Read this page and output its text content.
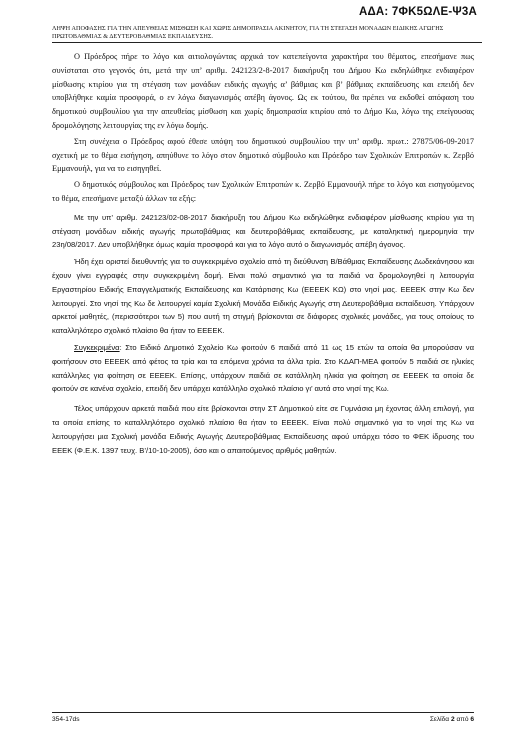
ΑΔΑ: 7ΦΚ5ΩΛΕ-Ψ3Α
ΛΗΨΗ ΑΠΟΦΑΣΗΣ ΓΙΑ ΤΗΝ ΑΠΕΥΘΕΙΑΣ ΜΙΣΘΩΣΗ ΚΑΙ ΧΩΡΙΣ ΔΗΜΟΠΡΑΣΙΑ ΑΚΙΝΗΤΟΥ, ΓΙΑ ΤΗ ΣΤΕΓΑΣΗ ΜΟΝΑΔΩΝ ΕΙΔΙΚΗΣ ΑΓΩΓΗΣ ΠΡΩΤΟΒΑΘΜΙΑΣ & ΔΕΥΤΕΡΟΒΑΘΜΙΑΣ ΕΚΠΑΙΔΕΥΣΗΣ.

Ο Πρόεδρος πήρε το λόγο και αιτιολογώντας αρχικά τον κατεπείγοντα χαρακτήρα του θέματος, επεσήμανε πως συνίσταται στο γεγονός ότι, μετά την υπ’ αριθμ. 242123/2-8-2017 διακήρυξη του Δήμου Κω εκδηλώθηκε ενδιαφέρον μίσθωσης κτιρίου για τη στέγαση των μονάδων ειδικής αγωγής α’ βάθμιας και β’ βάθμιας εκπαίδευσης και επειδή δεν υποβλήθηκε καμία προσφορά, ο εν λόγω διαγωνισμός απέβη άγονος. Ως εκ τούτου, θα πρέπει να εκδοθεί απόφαση του δημοτικού συμβουλίου για την απευθείας μίσθωση και χωρίς δημοπρασία κτιρίου από το Δήμο Κω, λόγω της επείγουσας δρομολόγησης λειτουργίας της εν λόγω δομής.

Στη συνέχεια ο Πρόεδρος αφού έθεσε υπόψη του δημοτικού συμβουλίου την υπ’ αριθμ. πρωτ.: 27875/06-09-2017 σχετική με το θέμα εισήγηση, απηύθυνε το λόγο στον δημοτικό σύμβουλο και Πρόεδρο των Σχολικών Επιτροπών κ. Ζερβό Εμμανουήλ, για να το εισηγηθεί.

Ο δημοτικός σύμβουλος και Πρόεδρος των Σχολικών Επιτροπών κ. Ζερβό Εμμανουήλ πήρε το λόγο και εισηγούμενος το θέμα, επεσήμανε μεταξύ άλλων τα εξής:

Με την υπ’ αριθμ. 242123/02-08-2017 διακήρυξη του Δήμου Κω εκδηλώθηκε ενδιαφέρον μίσθωσης κτιρίου για τη στέγαση μονάδων ειδικής αγωγής πρωτοβάθμιας και δευτεροβάθμιας εκπαίδευσης, με καταληκτική ημερομηνία την 23η/08/2017. Δεν υποβλήθηκε όμως καμία προσφορά και για το λόγο αυτό ο διαγωνισμός απέβη άγονος.

Ήδη έχει οριστεί διευθυντής για το συγκεκριμένο σχολείο από τη διεύθυνση Β/Βάθμιας Εκπαίδευσης Δωδεκάνησου και έχουν γίνει εγγραφές στην συγκεκριμένη δομή. Είναι πολύ σημαντικό για τα παιδιά να δρομολογηθεί η λειτουργία Εργαστηρίου Ειδικής Επαγγελματικής Εκπαίδευσης και Κατάρτισης Κω (ΕΕΕΕΚ ΚΩ) στο νησί μας. ΕΕΕΕΚ στην Κω δεν λειτουργεί. Στο νησί της Κω δε λειτουργεί καμία Σχολική Μονάδα Ειδικής Αγωγής στη Δευτεροβάθμια εκπαίδευση. Υπάρχουν αρκετοί μαθητές, (περισσότεροι των 5) που αυτή τη στιγμή βρίσκονται σε διάφορες σχολικές μονάδες, για τους οποίους το καταλληλότερο σχολικό πλαίσιο θα ήταν το ΕΕΕΕΚ.

Συγκεκριμένα: Στο Ειδικό Δημοτικό Σχολείο Κω φοιτούν 6 παιδιά από 11 ως 15 ετών τα οποία θα μπορούσαν να φοιτήσουν στο ΕΕΕΕΚ από φέτος τα τρία και τα επόμενα χρόνια τα άλλα τρία. Στο ΚΔΑΠ-ΜΕΑ φοιτούν 5 παιδιά σε ηλικίες κατάλληλες για φοίτηση σε ΕΕΕΕΚ. Επίσης, υπάρχουν παιδιά σε κατάλληλη ηλικία για φοίτηση σε ΕΕΕΕΚ τα οποία δε φοιτούν σε κανένα σχολείο, επειδή δεν υπάρχει κατάλληλο σχολικό πλαίσιο γι’ αυτά στο νησί της Κω.

Τέλος υπάρχουν αρκετά παιδιά που είτε βρίσκονται στην ΣΤ Δημοτικού είτε σε Γυμνάσια μη έχοντας άλλη επιλογή, για τα οποία επίσης το καταλληλότερο σχολικό πλαίσιο θα ήταν το ΕΕΕΕΚ. Είναι πολύ σημαντικό για το νησί της Κω να λειτουργήσει μια Σχολική μονάδα Ειδικής Αγωγής Δευτεροβάθμιας Εκπαίδευσης αφού υπάρχει τόσο το ΦΕΚ ίδρυσης του ΕΕΕΚ (Φ.Ε.Κ. 1397 τευχ. Β’/10-10-2005), όσο και ο απαιτούμενος αριθμός μαθητών.

354-17ds	Σελίδα 2 από 6
